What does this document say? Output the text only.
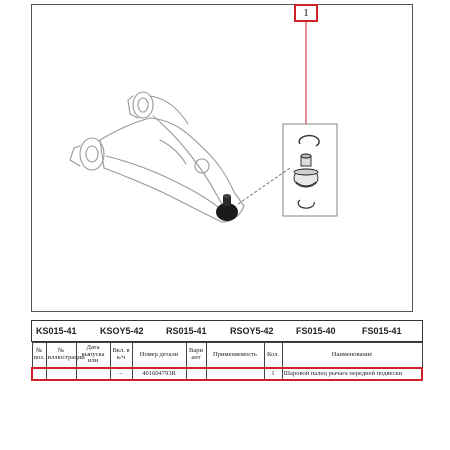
1
KS015-41	KSOY5-42 RS015-41	RSOY5-42 FS015-40	FS015-41
№ поз.	№ иллюстрации	Дата выпуска или	Вкл. в к/ч	Номер детали	Вари ант	Применяемость	Кол.	Наименование
			–	401604793R			1	Шаровой палец рычага передней подвески
